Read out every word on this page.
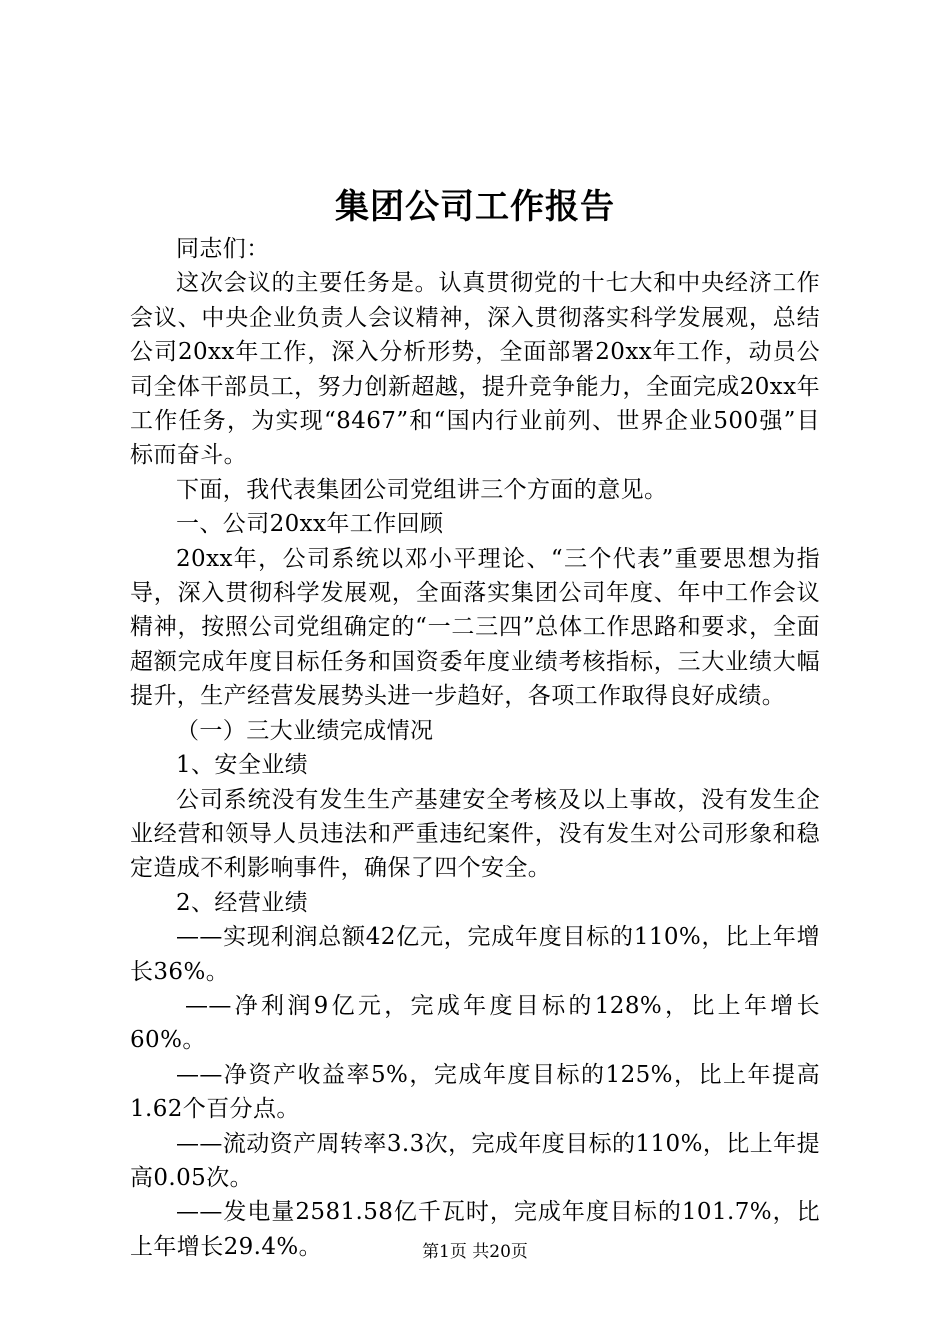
集团公司工作报告

同志们：

这次会议的主要任务是。认真贯彻党的十七大和中央经济工作会议、中央企业负责人会议精神，深入贯彻落实科学发展观，总结公司20xx年工作，深入分析形势，全面部署20xx年工作，动员公司全体干部员工，努力创新超越，提升竞争能力，全面完成20xx年工作任务，为实现“8467”和“国内行业前列、世界企业500强”目标而奋斗。

下面，我代表集团公司党组讲三个方面的意见。

一、公司20xx年工作回顾

20xx年，公司系统以邓小平理论、“三个代表”重要思想为指导，深入贯彻科学发展观，全面落实集团公司年度、年中工作会议精神，按照公司党组确定的“一二三四”总体工作思路和要求，全面超额完成年度目标任务和国资委年度业绩考核指标，三大业绩大幅提升，生产经营发展势头进一步趋好，各项工作取得良好成绩。

（一）三大业绩完成情况

1、安全业绩

公司系统没有发生生产基建安全考核及以上事故，没有发生企业经营和领导人员违法和严重违纪案件，没有发生对公司形象和稳定造成不利影响事件，确保了四个安全。

2、经营业绩

——实现利润总额42亿元，完成年度目标的110%，比上年增长36%。

——净利润9亿元，完成年度目标的128%，比上年增长60%。

——净资产收益率5%，完成年度目标的125%，比上年提高1.62个百分点。

——流动资产周转率3.3次，完成年度目标的110%，比上年提高0.05次。

——发电量2581.58亿千瓦时，完成年度目标的101.7%，比上年增长29.4%。	第1页 共20页
